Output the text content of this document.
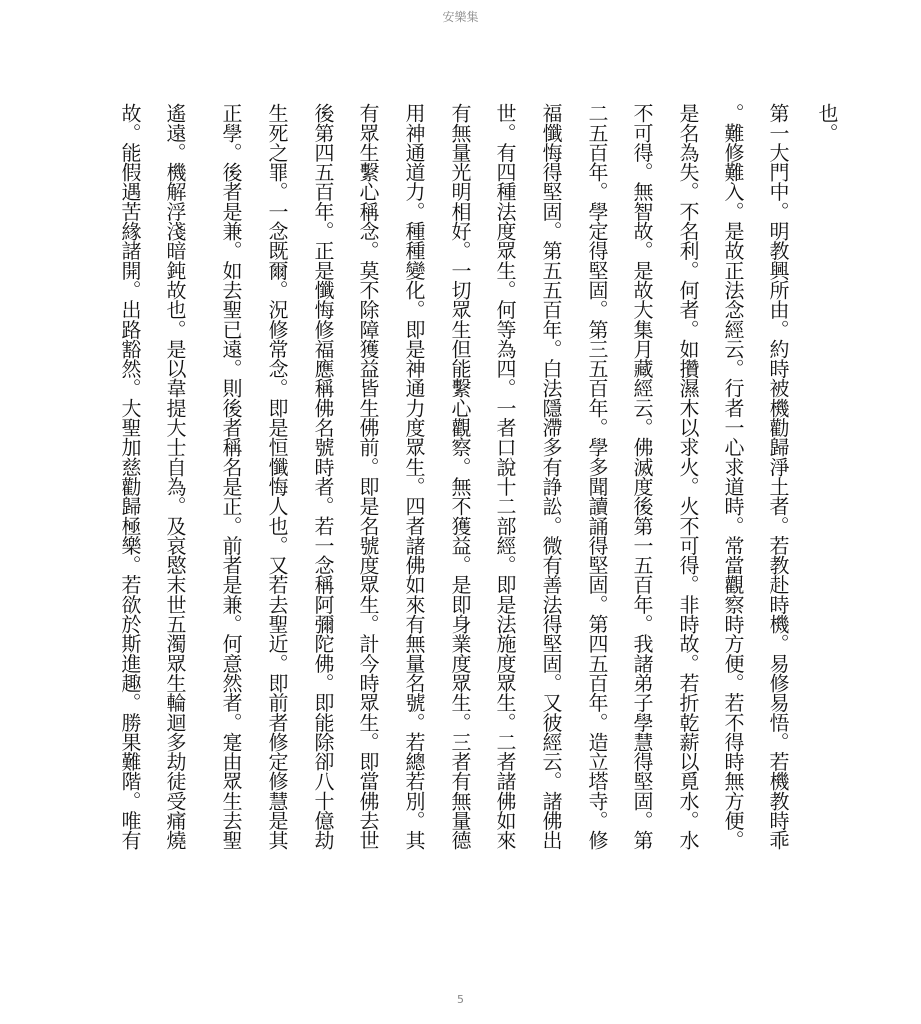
安樂集
也。
第一大門中。明教興所由。約時被機勸歸淨土者。若教赴時機。易修易悟。若機教時乖
。難修難入。是故正法念經云。行者一心求道時。常當觀察時方便。若不得時無方便。
是名為失。不名利。何者。如攢濕木以求火。火不可得。非時故。若折乾薪以覓水。水
不可得。無智故。是故大集月藏經云。佛滅度後第一五百年。我諸弟子學慧得堅固。第
二五百年。學定得堅固。第三五百年。學多聞讀誦得堅固。第四五百年。造立塔寺。修
福懺悔得堅固。第五五百年。白法隱滯多有諍訟。微有善法得堅固。又彼經云。諸佛出
世。有四種法度眾生。何等為四。一者口說十二部經。即是法施度眾生。二者諸佛如來
有無量光明相好。一切眾生但能繫心觀察。無不獲益。是即身業度眾生。三者有無量德
用神通道力。種種變化。即是神通力度眾生。四者諸佛如來有無量名號。若總若別。其
有眾生繫心稱念。莫不除障獲益皆生佛前。即是名號度眾生。計今時眾生。即當佛去世
後第四五百年。正是懺悔修福應稱佛名號時者。若一念稱阿彌陀佛。即能除卻八十億劫
生死之罪。一念既爾。況修常念。即是恒懺悔人也。又若去聖近。即前者修定修慧是其
正學。後者是兼。如去聖已遠。則後者稱名是正。前者是兼。何意然者。寔由眾生去聖
遙遠。機解浮淺暗鈍故也。是以韋提大士自為。及哀愍末世五濁眾生輪迴多劫徒受痛燒
故。能假遇苦緣諸開。出路豁然。大聖加慈勸歸極樂。若欲於斯進趣。勝果難階。唯有
5
